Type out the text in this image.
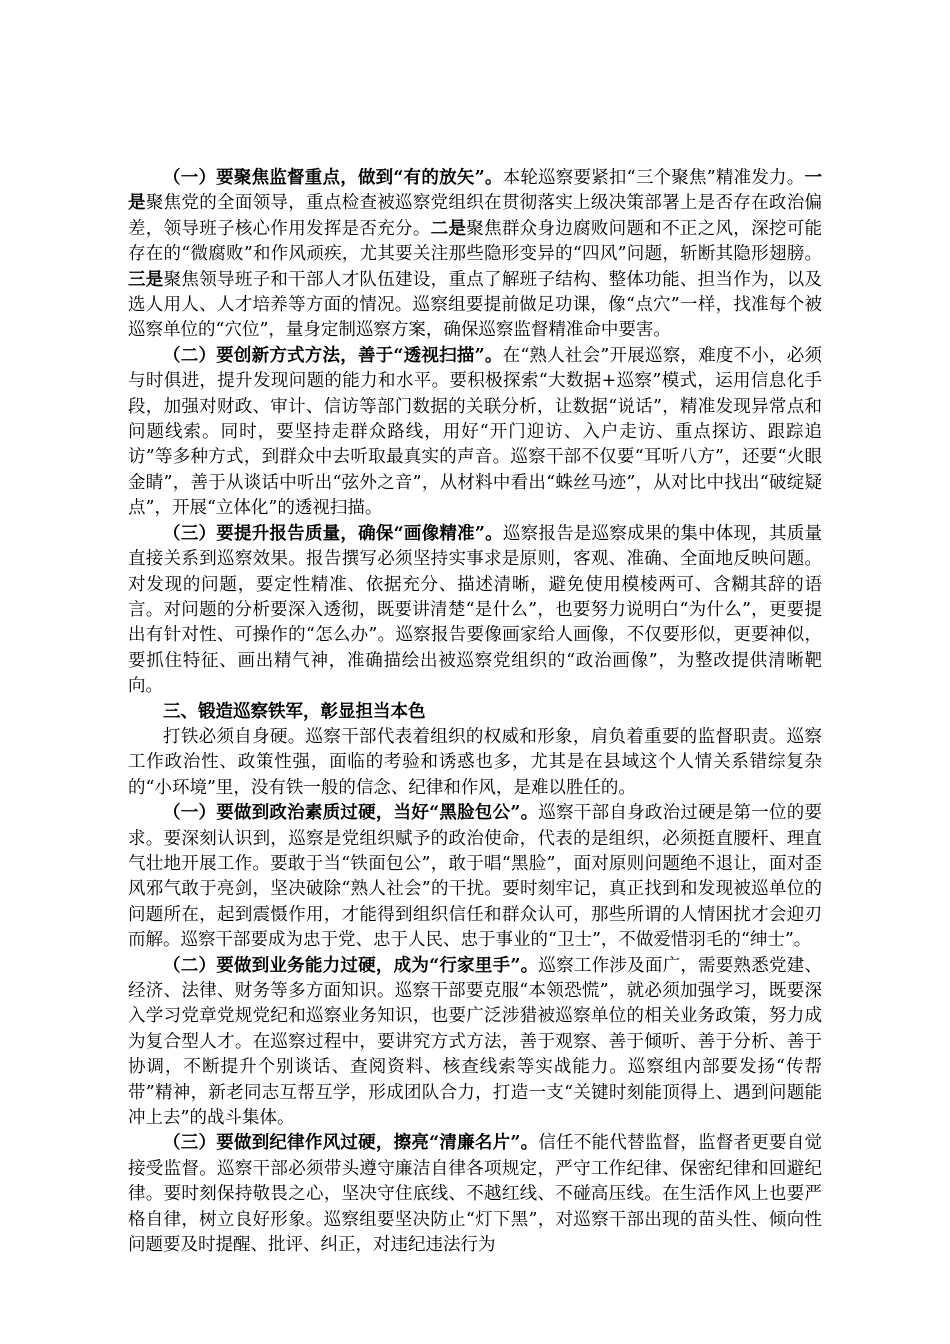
（一）要聚焦监督重点，做到“有的放矢”。本轮巡察要紧扣“三个聚焦”精准发力。一是聚焦党的全面领导，重点检查被巡察党组织在贯彻落实上级决策部署上是否存在政治偏差，领导班子核心作用发挥是否充分。二是聚焦群众身边腐败问题和不正之风，深挖可能存在的“微腐败”和作风顽疾，尤其要关注那些隐形变异的“四风”问题，斩断其隐形翅膀。三是聚焦领导班子和干部人才队伍建设，重点了解班子结构、整体功能、担当作为，以及选人用人、人才培养等方面的情况。巡察组要提前做足功课，像“点穴”一样，找准每个被巡察单位的“穴位”，量身定制巡察方案，确保巡察监督精准命中要害。

（二）要创新方式方法，善于“透视扫描”。在“熟人社会”开展巡察，难度不小，必须与时俱进，提升发现问题的能力和水平。要积极探索“大数据+巡察”模式，运用信息化手段，加强对财政、审计、信访等部门数据的关联分析，让数据“说话”，精准发现异常点和问题线索。同时，要坚持走群众路线，用好“开门迎访、入户走访、重点探访、跟踪追访”等多种方式，到群众中去听取最真实的声音。巡察干部不仅要“耳听八方”，还要“火眼金睛”，善于从谈话中听出“弦外之音”，从材料中看出“蛛丝马迹”，从对比中找出“破绽疑点”，开展“立体化”的透视扫描。

（三）要提升报告质量，确保“画像精准”。巡察报告是巡察成果的集中体现，其质量直接关系到巡察效果。报告撰写必须坚持实事求是原则，客观、准确、全面地反映问题。对发现的问题，要定性精准、依据充分、描述清晰，避免使用模棱两可、含糊其辞的语言。对问题的分析要深入透彻，既要讲清楚“是什么”，也要努力说明白“为什么”，更要提出有针对性、可操作的“怎么办”。巡察报告要像画家给人画像，不仅要形似，更要神似，要抓住特征、画出精气神，准确描绘出被巡察党组织的“政治画像”，为整改提供清晰靶向。

三、锻造巡察铁军，彰显担当本色

打铁必须自身硬。巡察干部代表着组织的权威和形象，肩负着重要的监督职责。巡察工作政治性、政策性强，面临的考验和诱惑也多，尤其是在县域这个人情关系错综复杂的“小环境”里，没有铁一般的信念、纪律和作风，是难以胜任的。

（一）要做到政治素质过硬，当好“黑脸包公”。巡察干部自身政治过硬是第一位的要求。要深刻认识到，巡察是党组织赋予的政治使命，代表的是组织，必须挺直腰杆、理直气壮地开展工作。要敢于当“铁面包公”，敢于唱“黑脸”，面对原则问题绝不退让，面对歪风邪气敢于亮剑，坚决破除“熟人社会”的干扰。要时刻牢记，真正找到和发现被巡单位的问题所在，起到震慑作用，才能得到组织信任和群众认可，那些所谓的人情困扰才会迎刃而解。巡察干部要成为忠于党、忠于人民、忠于事业的“卫士”，不做爱惜羽毛的“绅士”。

（二）要做到业务能力过硬，成为“行家里手”。巡察工作涉及面广，需要熟悉党建、经济、法律、财务等多方面知识。巡察干部要克服“本领恐慌”，就必须加强学习，既要深入学习党章党规党纪和巡察业务知识，也要广泛涉猎被巡察单位的相关业务政策，努力成为复合型人才。在巡察过程中，要讲究方式方法，善于观察、善于倾听、善于分析、善于协调，不断提升个别谈话、查阅资料、核查线索等实战能力。巡察组内部要发扬“传帮带”精神，新老同志互帮互学，形成团队合力，打造一支“关键时刻能顶得上、遇到问题能冲上去”的战斗集体。

（三）要做到纪律作风过硬，擦亮“清廉名片”。信任不能代替监督，监督者更要自觉接受监督。巡察干部必须带头遵守廉洁自律各项规定，严守工作纪律、保密纪律和回避纪律。要时刻保持敬畏之心，坚决守住底线、不越红线、不碰高压线。在生活作风上也要严格自律，树立良好形象。巡察组要坚决防止“灯下黑”，对巡察干部出现的苗头性、倾向性问题要及时提醒、批评、纠正，对违纪违法行为
